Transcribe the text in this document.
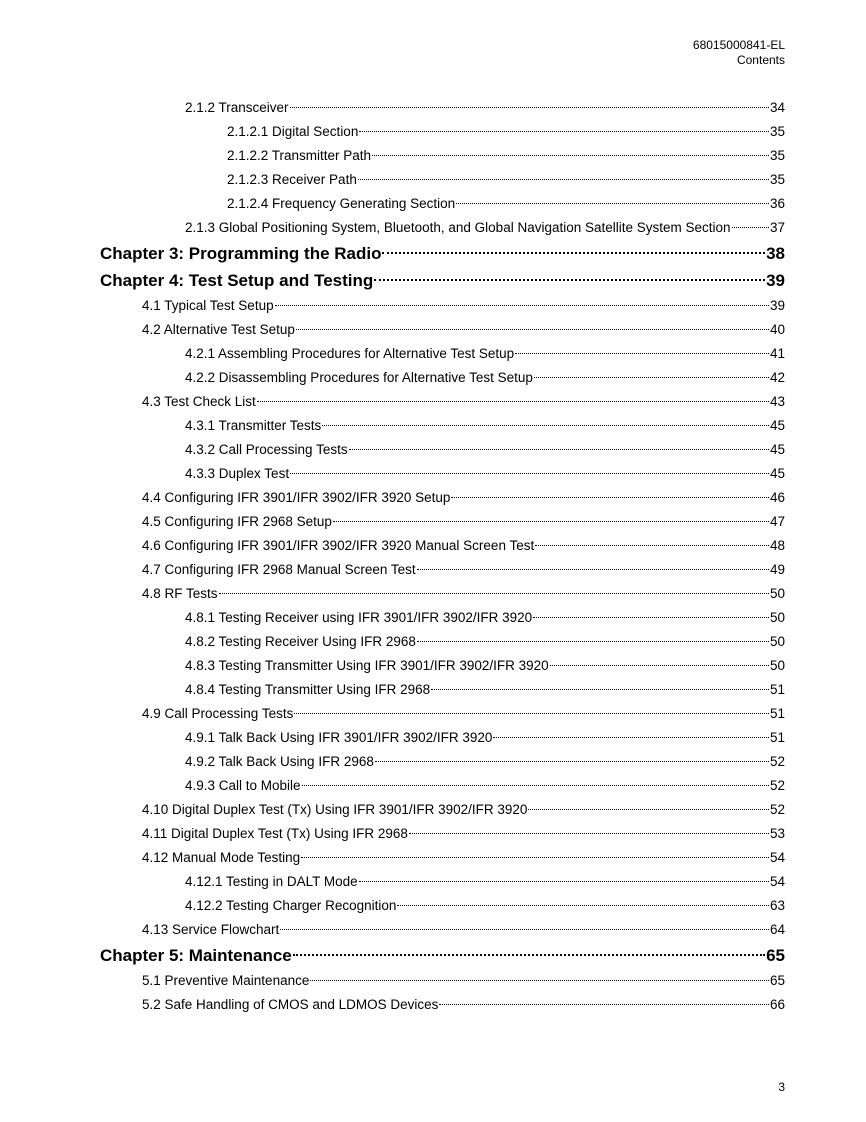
68015000841-EL
Contents
2.1.2 Transceiver	34
2.1.2.1 Digital Section	35
2.1.2.2 Transmitter Path	35
2.1.2.3 Receiver Path	35
2.1.2.4 Frequency Generating Section	36
2.1.3 Global Positioning System, Bluetooth, and Global Navigation Satellite System Section	37
Chapter 3: Programming the Radio	38
Chapter 4: Test Setup and Testing	39
4.1 Typical Test Setup	39
4.2 Alternative Test Setup	40
4.2.1 Assembling Procedures for Alternative Test Setup	41
4.2.2 Disassembling Procedures for Alternative Test Setup	42
4.3 Test Check List	43
4.3.1 Transmitter Tests	45
4.3.2 Call Processing Tests	45
4.3.3 Duplex Test	45
4.4 Configuring IFR 3901/IFR 3902/IFR 3920 Setup	46
4.5 Configuring IFR 2968 Setup	47
4.6 Configuring IFR 3901/IFR 3902/IFR 3920 Manual Screen Test	48
4.7 Configuring IFR 2968 Manual Screen Test	49
4.8 RF Tests	50
4.8.1 Testing Receiver using IFR 3901/IFR 3902/IFR 3920	50
4.8.2 Testing Receiver Using IFR 2968	50
4.8.3 Testing Transmitter Using IFR 3901/IFR 3902/IFR 3920	50
4.8.4 Testing Transmitter Using IFR 2968	51
4.9 Call Processing Tests	51
4.9.1 Talk Back Using IFR 3901/IFR 3902/IFR 3920	51
4.9.2 Talk Back Using IFR 2968	52
4.9.3 Call to Mobile	52
4.10 Digital Duplex Test (Tx) Using IFR 3901/IFR 3902/IFR 3920	52
4.11 Digital Duplex Test (Tx) Using IFR 2968	53
4.12 Manual Mode Testing	54
4.12.1 Testing in DALT Mode	54
4.12.2 Testing Charger Recognition	63
4.13 Service Flowchart	64
Chapter 5: Maintenance	65
5.1 Preventive Maintenance	65
5.2 Safe Handling of CMOS and LDMOS Devices	66
3
